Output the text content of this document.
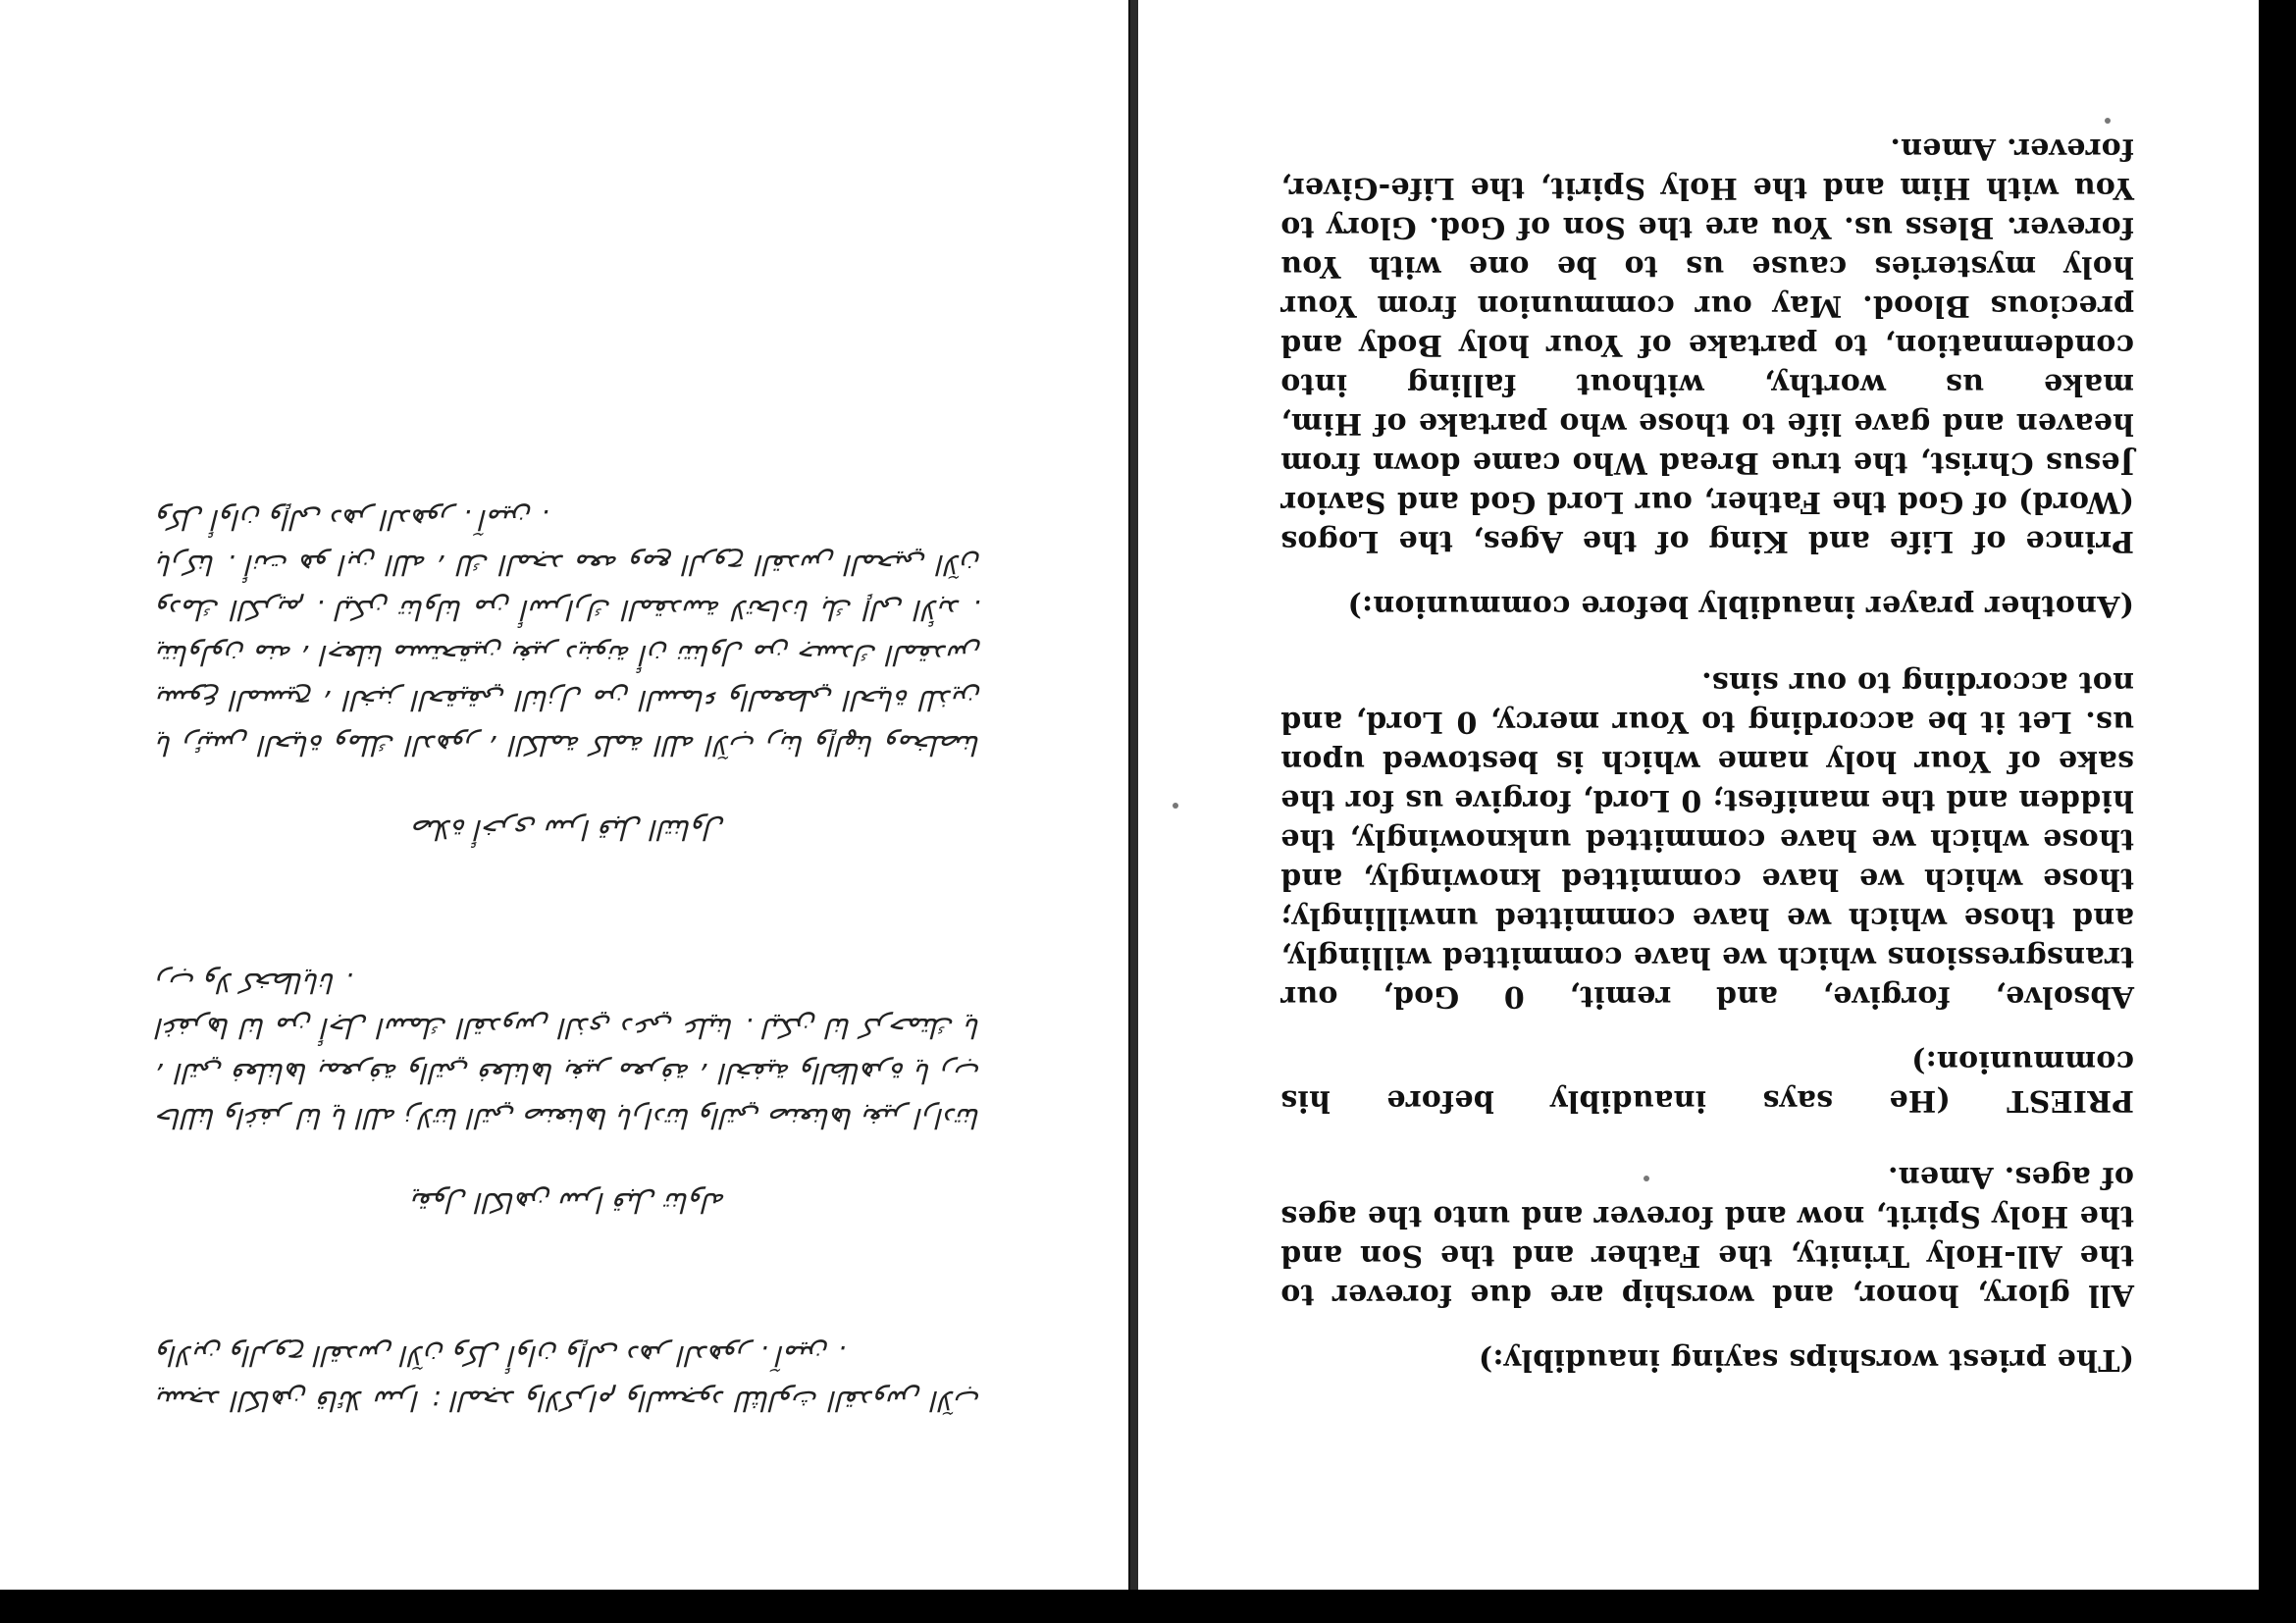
يسجد الكاهن قائلا سرا : المجد والاكرام والسجود للثالوث القدوس الآب والابن والروح القدس الآن وكل أوان وإلى دهر الدهور . آمين .

يقول الكاهن سرا قبل تناوله

حاللنا واغفر لنا يا الله زلاتنا التي صنعناها بارادتنا والتي صنعناها بغير ارادتنا ، التي فعلناها بمعرفة والتي فعلناها بغير معرفة ، الخفية والظاهرة يا رب اغفرها لنا من أجل اسمك القدوس الذي دعي علينا . ليكن لنا كرحمتك يا رب ولا كخطايانا .

صلاة أخرى سرا قبل التناول

يا رئيس الحياة وملك الدهور ، الكلمة كلمة الله الآب ربنا وإلهنا ومخلصنا يسوع المسيح ، الخبز الحقيقي النازل من السماء والمعطي الحياة للذين يتناولون منه ، اجعلنا مستحقين بغير دينونة أن نتناول من جسدك المقدس ودمك الكريم . ليكن تناولنا من أسرارك المقدسة لاتحادنا بك إلى الأبد . باركنا . أنت هو ابن الله ، لك المجد معه ومع الروح القدس المحيي الآن وكل أوان وإلى دهر الدهور . آمين .

(The priest worships saying inaudibly:)

All glory, honor, and worship are due forever to the All-Holy Trinity, the Father and the Son and the Holy Spirit, now and forever and unto the ages of ages. Amen.

PRIEST (He says inaudibly before his communion:)

Absolve, forgive, and remit, 0 God, our transgressions which we have committed willingly, and those which we have committed unwillingly; those which we have committed knowingly, and those which we have committed unknowingly, the hidden and the manifest; 0 Lord, forgive us for the sake of Your holy name which is bestowed upon us. Let it be according to Your mercy, 0 Lord, and not according to our sins.

(Another prayer inaudibly before communion:)

Prince of Life and King of the Ages, the Logos (Word) of God the Father, our Lord God and Savior Jesus Christ, the true Bread Who came down from heaven and gave life to those who partake of Him, make us worthy, without falling into condemnation, to partake of Your holy Body and precious Blood. May our communion from Your holy mysteries cause us to be one with You forever. Bless us. You are the Son of God. Glory to You with Him and the Holy Spirit, the Life-Giver, forever. Amen.
